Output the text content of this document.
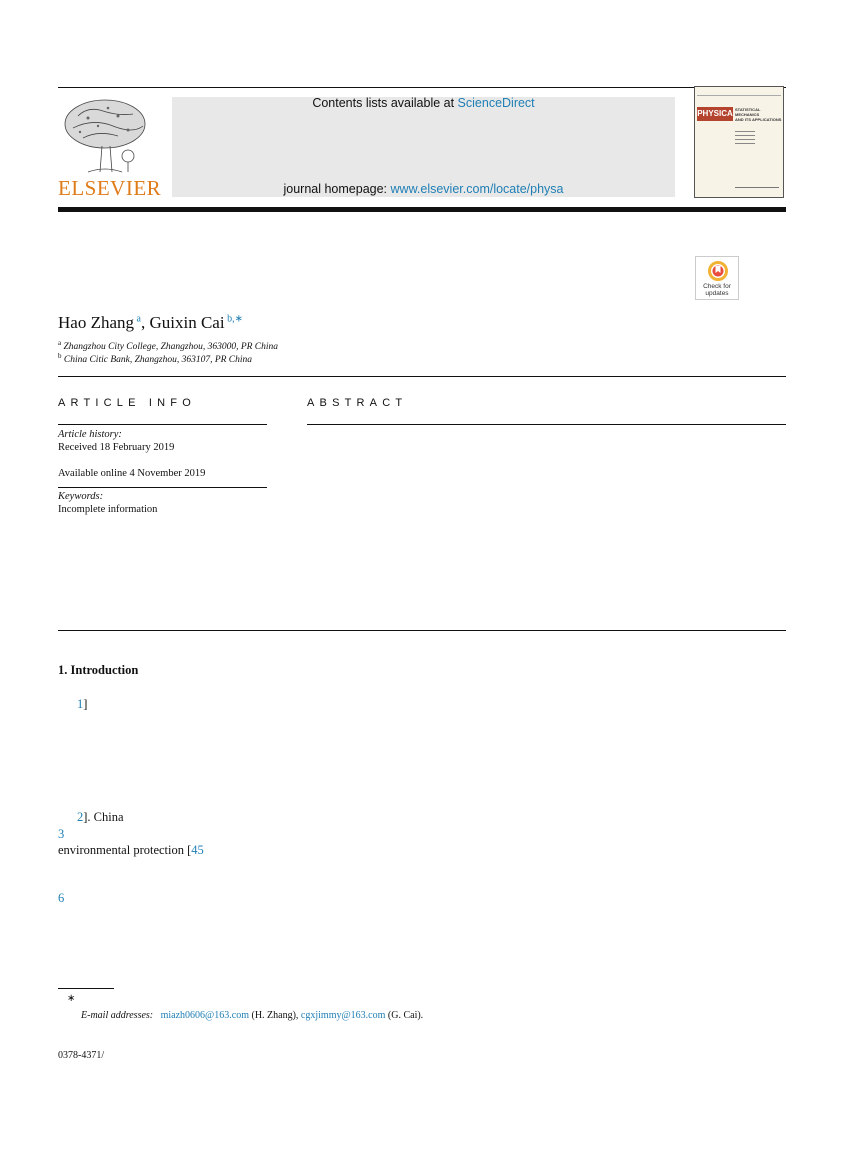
ELSEVIER
Contents lists available at ScienceDirect
journal homepage: www.elsevier.com/locate/physa
PHYSICA STATISTICAL MECHANICS
AND ITS APPLICATIONS
Check for
updates
Hao Zhang $^a$, Guixin Cai $^{b,∗}$
$^a$ Zhangzhou City College, Zhangzhou, 363000, PR China
$^b$ China Citic Bank, Zhangzhou, 363107, PR China
ARTICLE INFO
Article history:
Received 18 February 2019
Available online 4 November 2019
Keywords:
Incomplete information
ABSTRACT
1. Introduction
1]
2]. China
3
environmental protection [45
6
∗
E-mail addresses: miazh0606@163.com (H. Zhang), cgxjimmy@163.com (G. Cai).
0378-4371/
